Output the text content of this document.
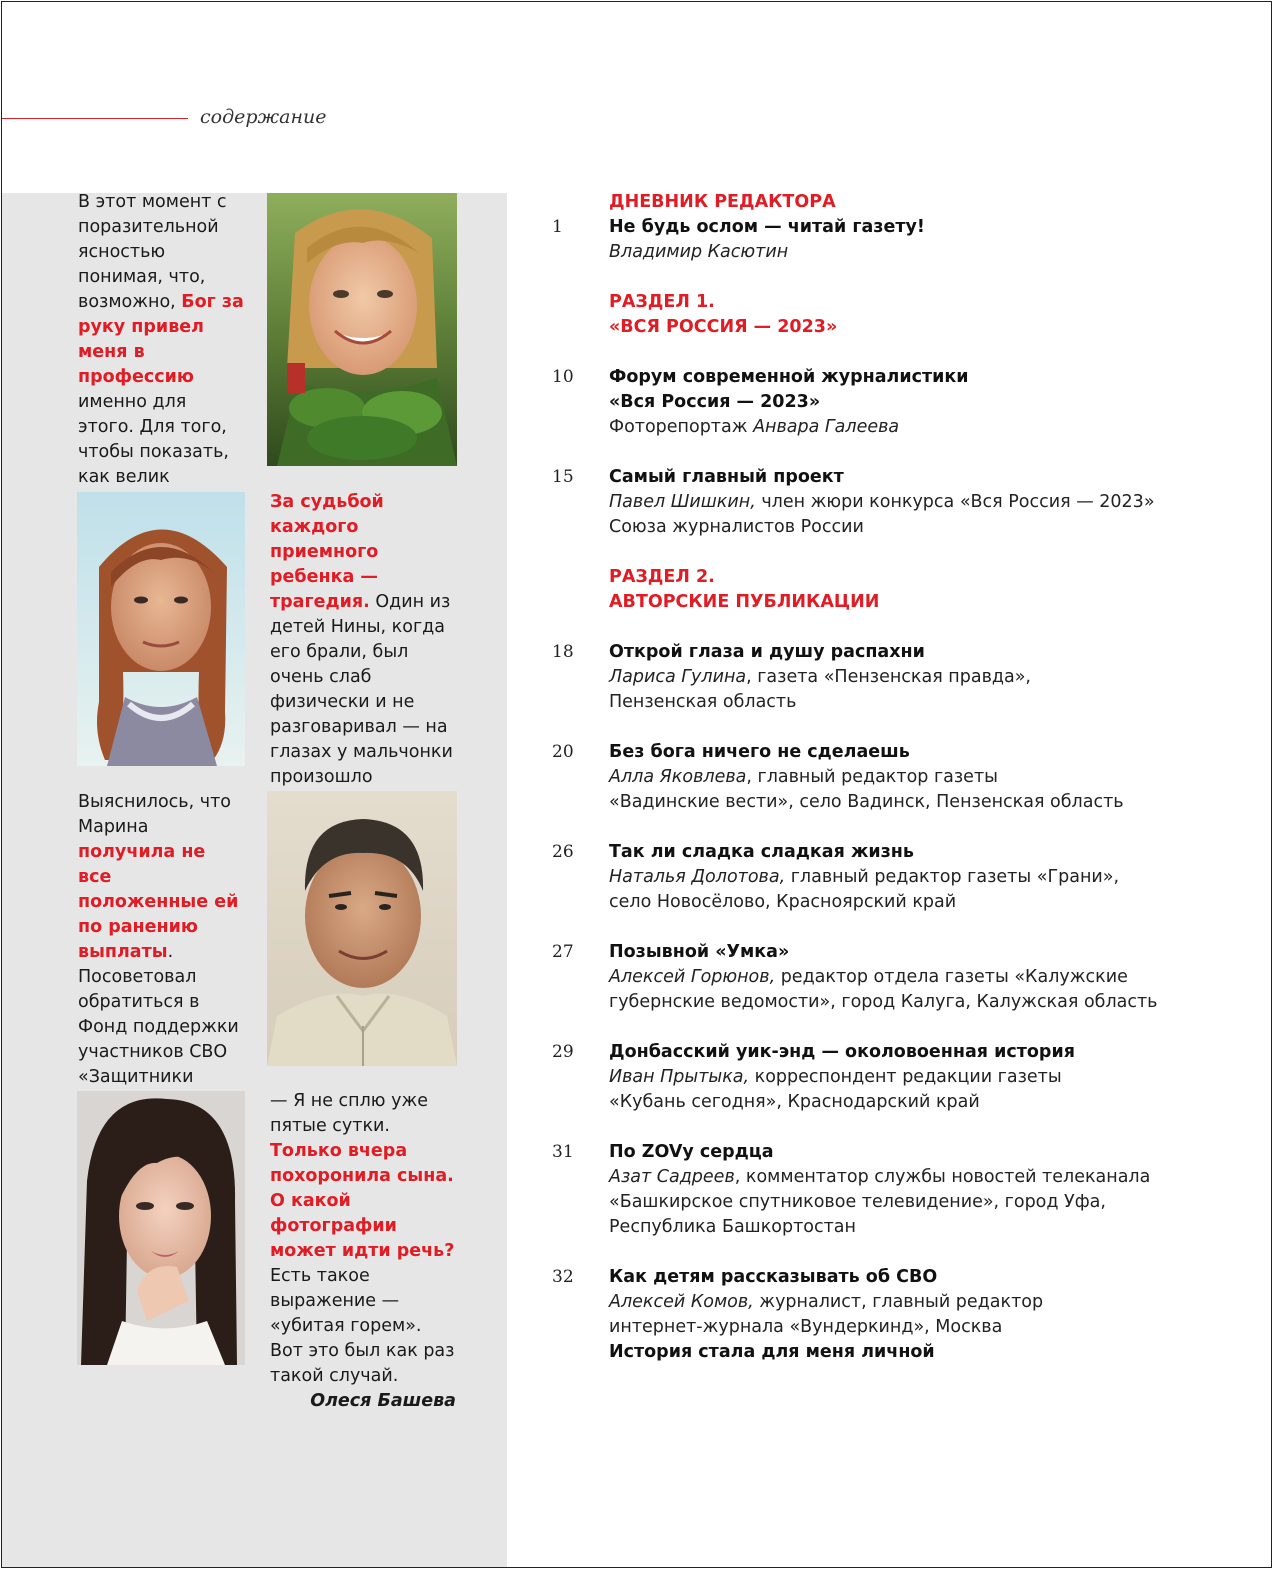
содержание
В этот момент с поразительной ясностью понимая, что, возможно, Бог за руку привел меня в профессию именно для этого. Для того, чтобы показать, как велик
За судьбой каждого приемного ребенка — трагедия. Один из детей Нины, когда его брали, был очень слаб физически и не разговаривал — на глазах у мальчонки произошло
Выяснилось, что Марина получила не все положенные ей по ранению выплаты. Посоветовал обратиться в Фонд поддержки участников СВО «Защитники
— Я не сплю уже пятые сутки. Только вчера похоронила сына. О какой фотографии может идти речь? Есть такое выражение — «убитая горем». Вот это был как раз такой случай.
Олеся Башева
ДНЕВНИК РЕДАКТОРА
1	Не будь ослом — читай газету!
Владимир Касютин
РАЗДЕЛ 1.
«ВСЯ РОССИЯ — 2023»
10	Форум современной журналистики
«Вся Россия — 2023»
Фоторепортаж Анвара Галеева
15	Самый главный проект
Павел Шишкин, член жюри конкурса «Вся Россия — 2023»
Союза журналистов России
РАЗДЕЛ 2.
АВТОРСКИЕ ПУБЛИКАЦИИ
18	Открой глаза и душу распахни
Лариса Гулина, газета «Пензенская правда»,
Пензенская область
20	Без бога ничего не сделаешь
Алла Яковлева, главный редактор газеты
«Вадинские вести», село Вадинск, Пензенская область
26	Так ли сладка сладкая жизнь
Наталья Долотова, главный редактор газеты «Грани»,
село Новосёлово, Красноярский край
27	Позывной «Умка»
Алексей Горюнов, редактор отдела газеты «Калужские
губернские ведомости», город Калуга, Калужская область
29	Донбасский уик-энд — околовоенная история
Иван Прытыка, корреспондент редакции газеты
«Кубань сегодня», Краснодарский край
31	По ZOVу сердца
Азат Садреев, комментатор службы новостей телеканала
«Башкирское спутниковое телевидение», город Уфа,
Республика Башкортостан
32	Как детям рассказывать об СВО
Алексей Комов, журналист, главный редактор
интернет-журнала «Вундеркинд», Москва
История стала для меня личной
